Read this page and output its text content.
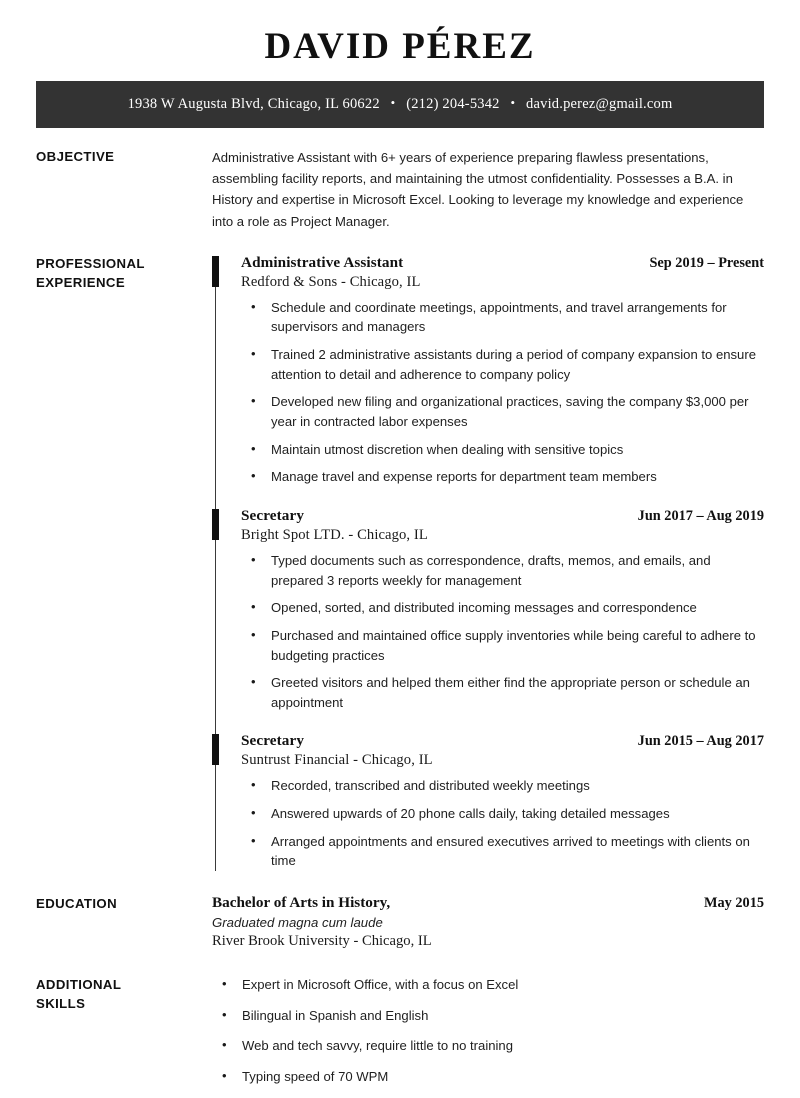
DAVID PÉREZ
1938 W Augusta Blvd, Chicago, IL 60622 • (212) 204-5342 • david.perez@gmail.com
OBJECTIVE	Administrative Assistant with 6+ years of experience preparing flawless presentations, assembling facility reports, and maintaining the utmost confidentiality. Possesses a B.A. in History and expertise in Microsoft Excel. Looking to leverage my knowledge and experience into a role as Project Manager.
PROFESSIONAL
EXPERIENCE
Administrative Assistant	Sep 2019 – Present
Redford & Sons - Chicago, IL
• Schedule and coordinate meetings, appointments, and travel arrangements for supervisors and managers
• Trained 2 administrative assistants during a period of company expansion to ensure attention to detail and adherence to company policy
• Developed new filing and organizational practices, saving the company $3,000 per year in contracted labor expenses
• Maintain utmost discretion when dealing with sensitive topics
• Manage travel and expense reports for department team members
Secretary	Jun 2017 – Aug 2019
Bright Spot LTD. - Chicago, IL
• Typed documents such as correspondence, drafts, memos, and emails, and prepared 3 reports weekly for management
• Opened, sorted, and distributed incoming messages and correspondence
• Purchased and maintained office supply inventories while being careful to adhere to budgeting practices
• Greeted visitors and helped them either find the appropriate person or schedule an appointment
Secretary	Jun 2015 – Aug 2017
Suntrust Financial - Chicago, IL
• Recorded, transcribed and distributed weekly meetings
• Answered upwards of 20 phone calls daily, taking detailed messages
• Arranged appointments and ensured executives arrived to meetings with clients on time
EDUCATION	Bachelor of Arts in History,	May 2015
Graduated magna cum laude
River Brook University - Chicago, IL
ADDITIONAL
SKILLS
• Expert in Microsoft Office, with a focus on Excel
• Bilingual in Spanish and English
• Web and tech savvy, require little to no training
• Typing speed of 70 WPM
